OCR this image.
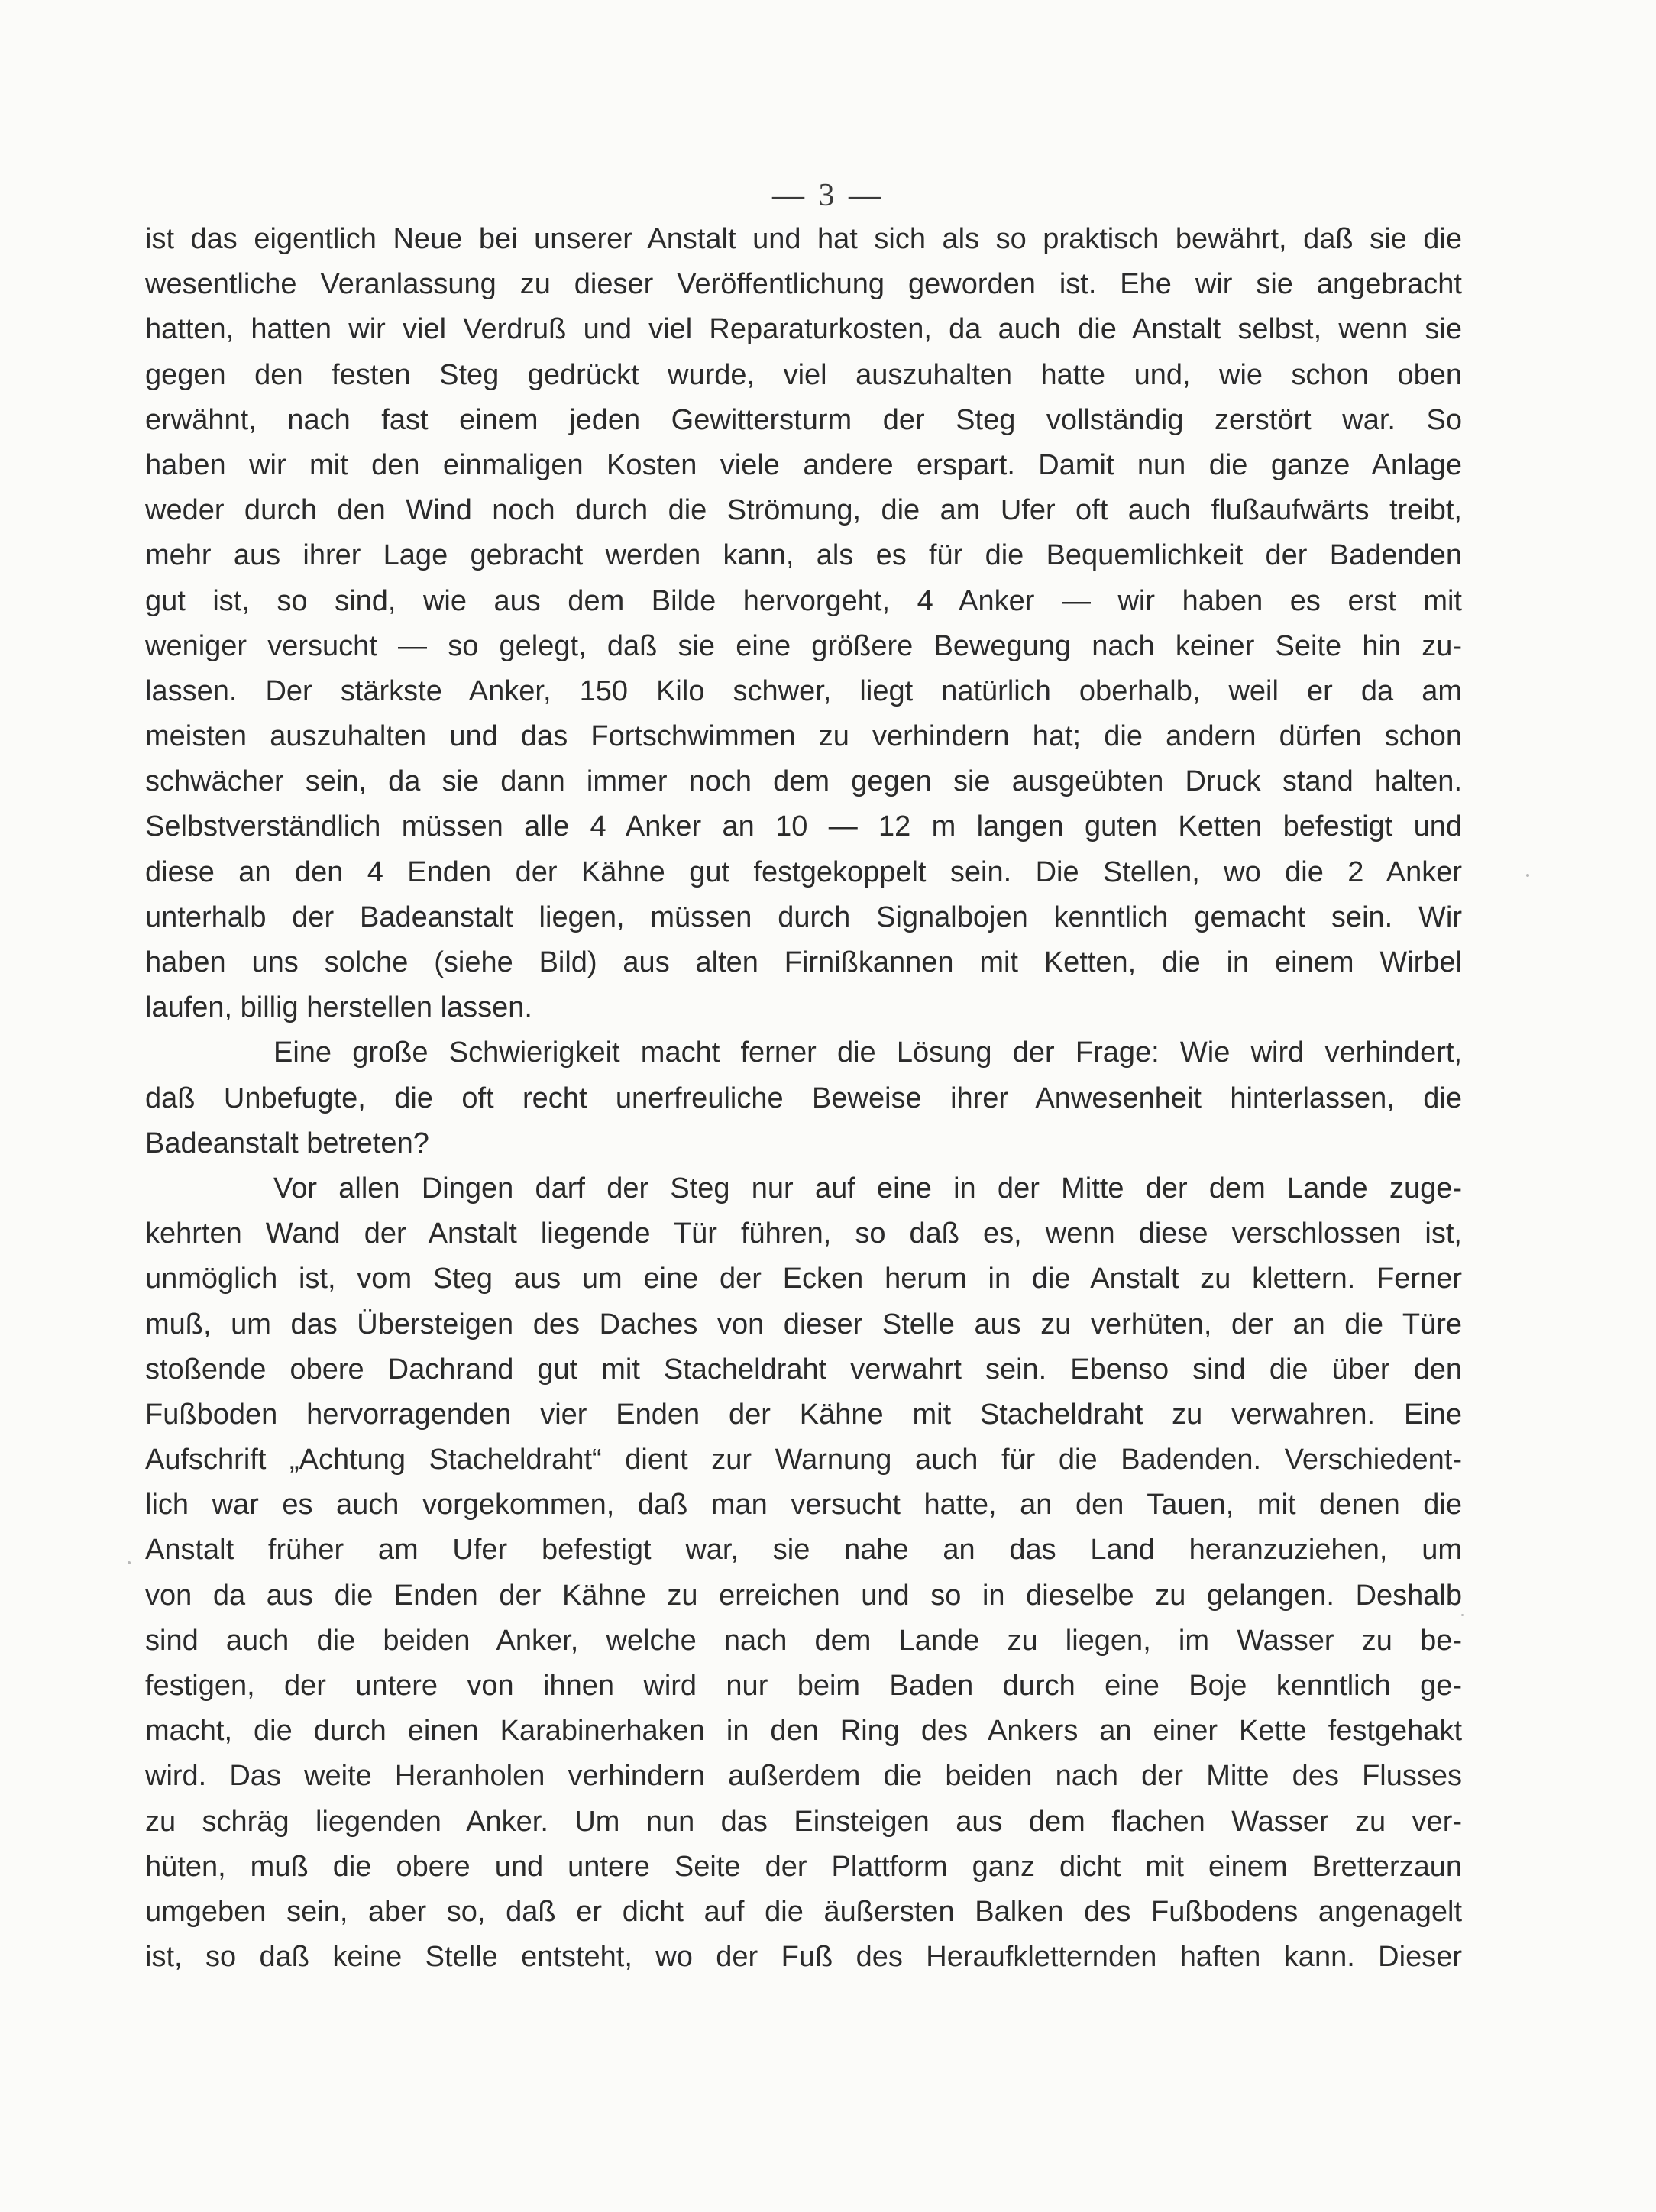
— 3 —
ist das eigentlich Neue bei unserer Anstalt und hat sich als so praktisch bewährt, daß sie die
wesentliche Veranlassung zu dieser Veröffentlichung geworden ist. Ehe wir sie angebracht
hatten, hatten wir viel Verdruß und viel Reparaturkosten, da auch die Anstalt selbst, wenn sie
gegen den festen Steg gedrückt wurde, viel auszuhalten hatte und, wie schon oben
erwähnt, nach fast einem jeden Gewittersturm der Steg vollständig zerstört war. So
haben wir mit den einmaligen Kosten viele andere erspart. Damit nun die ganze Anlage
weder durch den Wind noch durch die Strömung, die am Ufer oft auch flußaufwärts treibt,
mehr aus ihrer Lage gebracht werden kann, als es für die Bequemlichkeit der Badenden
gut ist, so sind, wie aus dem Bilde hervorgeht, 4 Anker — wir haben es erst mit
weniger versucht — so gelegt, daß sie eine größere Bewegung nach keiner Seite hin zu-
lassen. Der stärkste Anker, 150 Kilo schwer, liegt natürlich oberhalb, weil er da am
meisten auszuhalten und das Fortschwimmen zu verhindern hat; die andern dürfen schon
schwächer sein, da sie dann immer noch dem gegen sie ausgeübten Druck stand halten.
Selbstverständlich müssen alle 4 Anker an 10 — 12 m langen guten Ketten befestigt und
diese an den 4 Enden der Kähne gut festgekoppelt sein. Die Stellen, wo die 2 Anker
unterhalb der Badeanstalt liegen, müssen durch Signalbojen kenntlich gemacht sein. Wir
haben uns solche (siehe Bild) aus alten Firnißkannen mit Ketten, die in einem Wirbel
laufen, billig herstellen lassen.
Eine große Schwierigkeit macht ferner die Lösung der Frage: Wie wird verhindert,
daß Unbefugte, die oft recht unerfreuliche Beweise ihrer Anwesenheit hinterlassen, die
Badeanstalt betreten?
Vor allen Dingen darf der Steg nur auf eine in der Mitte der dem Lande zuge-
kehrten Wand der Anstalt liegende Tür führen, so daß es, wenn diese verschlossen ist,
unmöglich ist, vom Steg aus um eine der Ecken herum in die Anstalt zu klettern. Ferner
muß, um das Übersteigen des Daches von dieser Stelle aus zu verhüten, der an die Türe
stoßende obere Dachrand gut mit Stacheldraht verwahrt sein. Ebenso sind die über den
Fußboden hervorragenden vier Enden der Kähne mit Stacheldraht zu verwahren. Eine
Aufschrift „Achtung Stacheldraht“ dient zur Warnung auch für die Badenden. Verschiedent-
lich war es auch vorgekommen, daß man versucht hatte, an den Tauen, mit denen die
Anstalt früher am Ufer befestigt war, sie nahe an das Land heranzuziehen, um
von da aus die Enden der Kähne zu erreichen und so in dieselbe zu gelangen. Deshalb
sind auch die beiden Anker, welche nach dem Lande zu liegen, im Wasser zu be-
festigen, der untere von ihnen wird nur beim Baden durch eine Boje kenntlich ge-
macht, die durch einen Karabinerhaken in den Ring des Ankers an einer Kette festgehakt
wird. Das weite Heranholen verhindern außerdem die beiden nach der Mitte des Flusses
zu schräg liegenden Anker. Um nun das Einsteigen aus dem flachen Wasser zu ver-
hüten, muß die obere und untere Seite der Plattform ganz dicht mit einem Bretterzaun
umgeben sein, aber so, daß er dicht auf die äußersten Balken des Fußbodens angenagelt
ist, so daß keine Stelle entsteht, wo der Fuß des Heraufkletternden haften kann. Dieser
